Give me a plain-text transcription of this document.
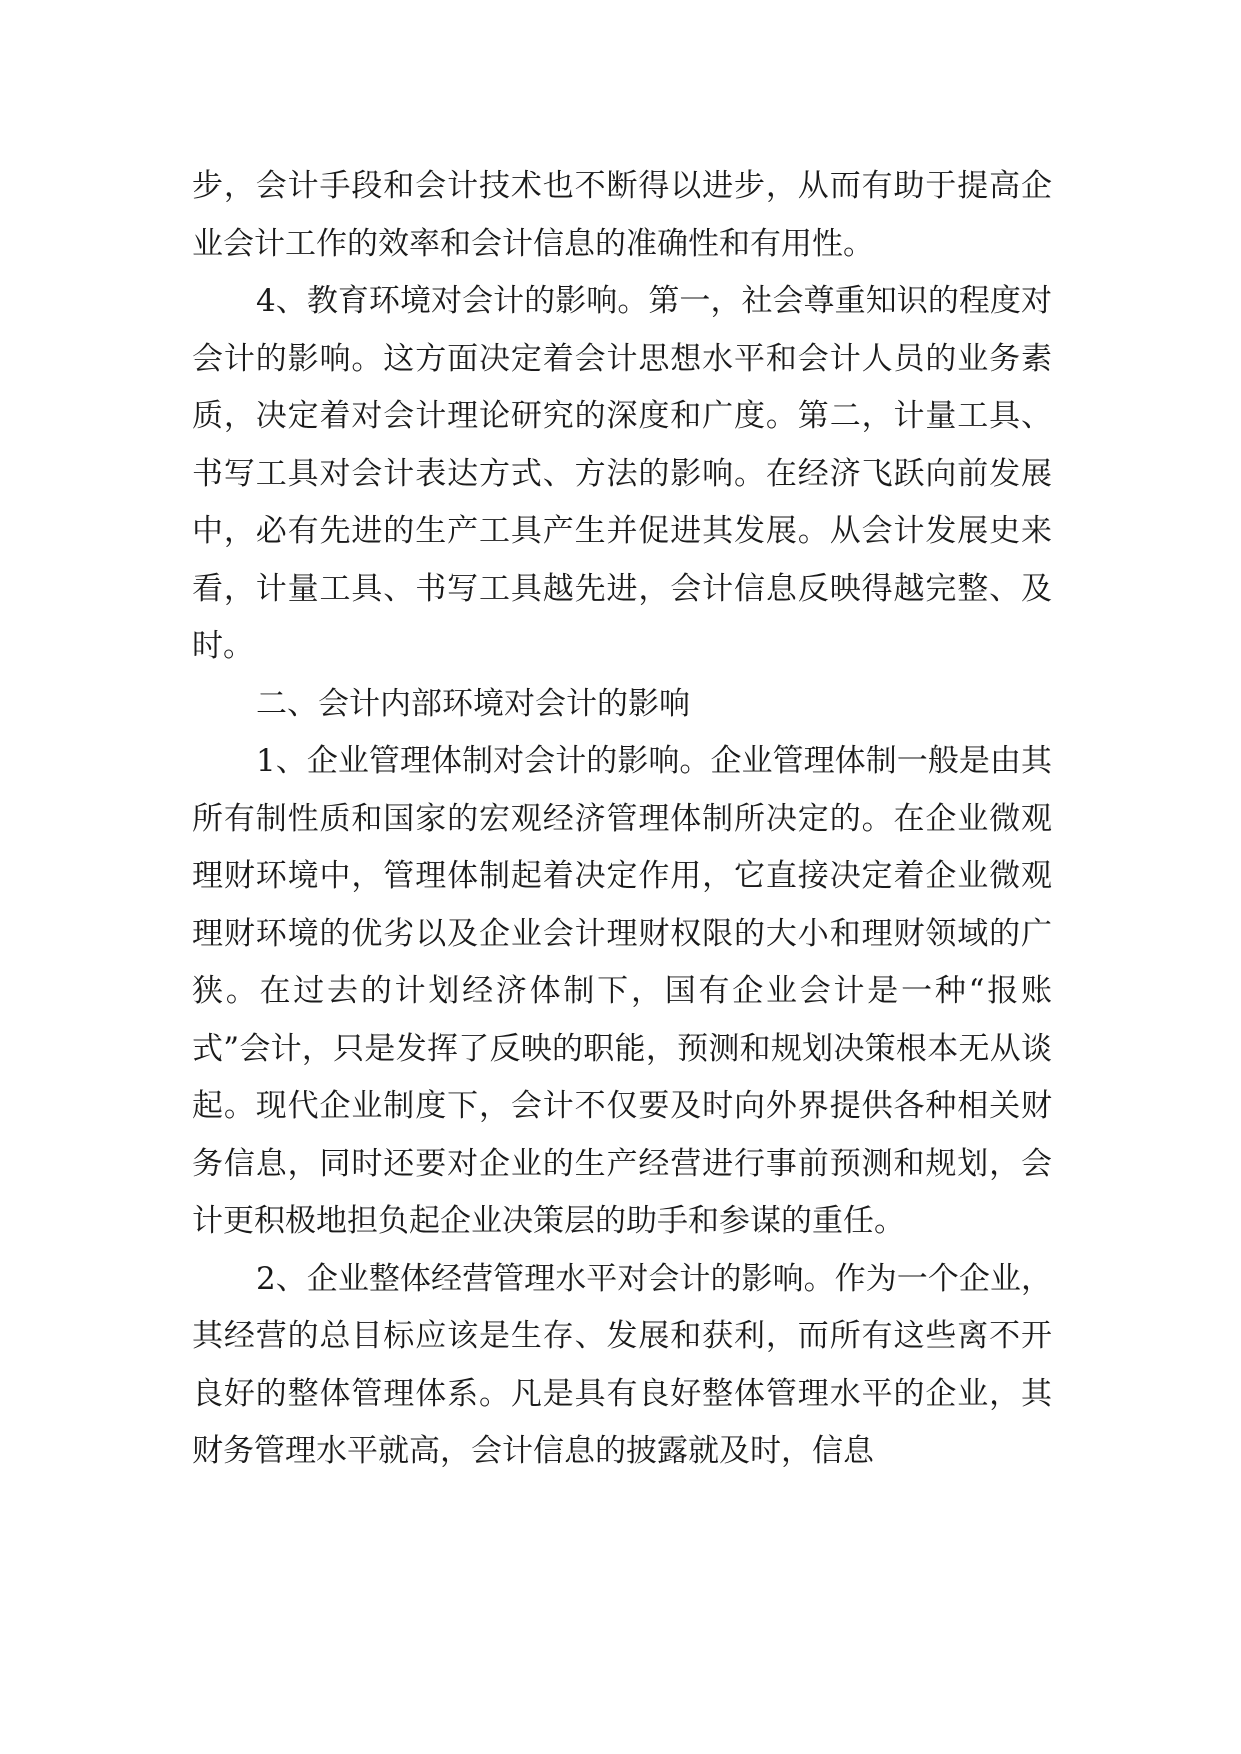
步，会计手段和会计技术也不断得以进步，从而有助于提高企业会计工作的效率和会计信息的准确性和有用性。

4、教育环境对会计的影响。第一，社会尊重知识的程度对会计的影响。这方面决定着会计思想水平和会计人员的业务素质，决定着对会计理论研究的深度和广度。第二，计量工具、书写工具对会计表达方式、方法的影响。在经济飞跃向前发展中，必有先进的生产工具产生并促进其发展。从会计发展史来看，计量工具、书写工具越先进，会计信息反映得越完整、及时。

二、会计内部环境对会计的影响

1、企业管理体制对会计的影响。企业管理体制一般是由其所有制性质和国家的宏观经济管理体制所决定的。在企业微观理财环境中，管理体制起着决定作用，它直接决定着企业微观理财环境的优劣以及企业会计理财权限的大小和理财领域的广狭。在过去的计划经济体制下，国有企业会计是一种“报账式”会计，只是发挥了反映的职能，预测和规划决策根本无从谈起。现代企业制度下，会计不仅要及时向外界提供各种相关财务信息，同时还要对企业的生产经营进行事前预测和规划，会计更积极地担负起企业决策层的助手和参谋的重任。

2、企业整体经营管理水平对会计的影响。作为一个企业，其经营的总目标应该是生存、发展和获利，而所有这些离不开良好的整体管理体系。凡是具有良好整体管理水平的企业，其财务管理水平就高，会计信息的披露就及时，信息
